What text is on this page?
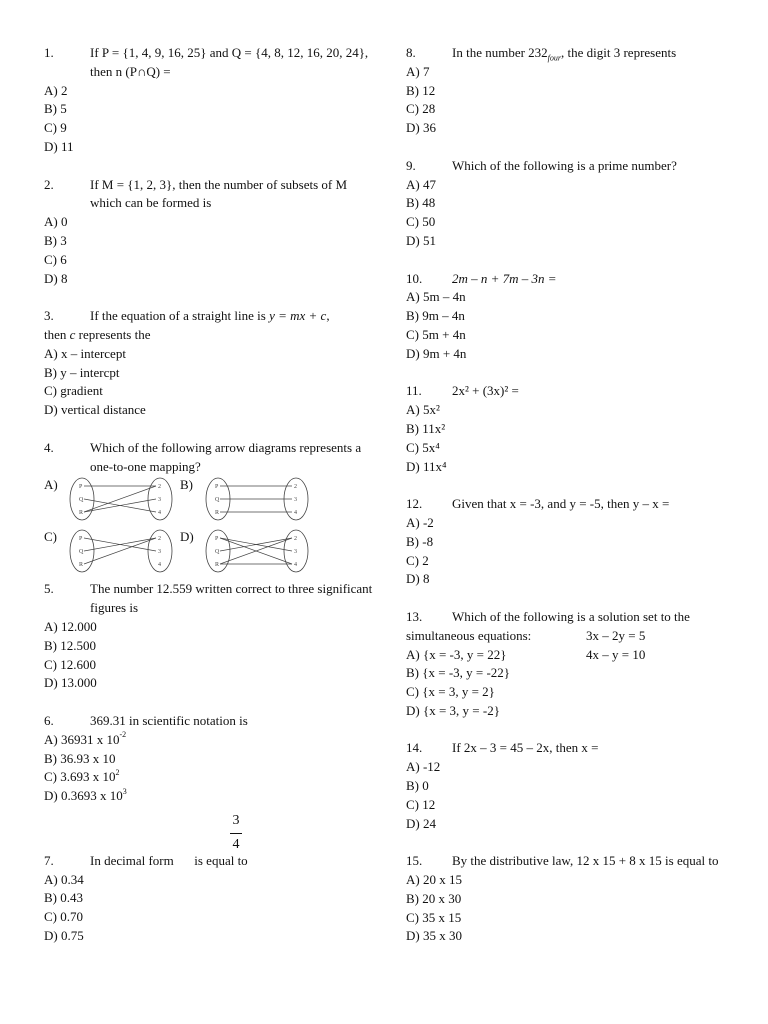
1.	If P = {1, 4, 9, 16, 25} and Q = {4, 8, 12, 16, 20, 24}, then n (P∩Q) =
A) 2
B) 5
C) 9
D) 11
2.	If M = {1, 2, 3}, then the number of subsets of M which can be formed is
A) 0
B) 3
C) 6
D) 8
3.	If the equation of a straight line is y = mx + c,
then c represents the
A) x – intercept
B) y – intercpt
C) gradient
D) vertical distance
4.	Which of the following arrow diagrams represents a one-to-one mapping?
A)	P	2
Q	3
R	4
B)	P	2
Q	3
R	4
C)	P	2
Q	3
R	4
D)	P	2
Q	3
R	4
5.	The number 12.559 written correct to three significant figures is
A) 12.000
B) 12.500
C) 12.600
D) 13.000
6.	369.31 in scientific notation is
A) 36931 x $10^{-2}$
B) 36.93 x 10
C) 3.693 x $10^2$
D) 0.3693 x $10^3$
3
4
7.	In decimal form  is equal to
A) 0.34
B) 0.43
C) 0.70
D) 0.75
8.	In the number $232_{four}$, the digit 3 represents
A) 7
B) 12
C) 28
D) 36
9.	Which of the following is a prime number?
A) 47
B) 48
C) 50
D) 51
10. 2m – n + 7m – 3n =
A) 5m – 4n
B) 9m – 4n
C) 5m + 4n
D) 9m + 4n
11. 2x² + (3x)² =
A) 5x²
B) 11x²
C) 5x⁴
D) 11x⁴
12. Given that x = -3, and y = -5, then y – x =
A) -2
B) -8
C) 2
D) 8
13. Which of the following is a solution set to the
simultaneous equations:	3x – 2y = 5
A) {x = -3, y = 22}	4x – y = 10
B) {x = -3, y = -22}
C) {x = 3, y = 2}
D) {x = 3, y = -2}
14. If 2x – 3 = 45 – 2x, then x =
A) -12
B) 0
C) 12
D) 24
15. By the distributive law, 12 x 15 + 8 x 15 is equal to
A) 20 x 15
B) 20 x 30
C) 35 x 15
D) 35 x 30
